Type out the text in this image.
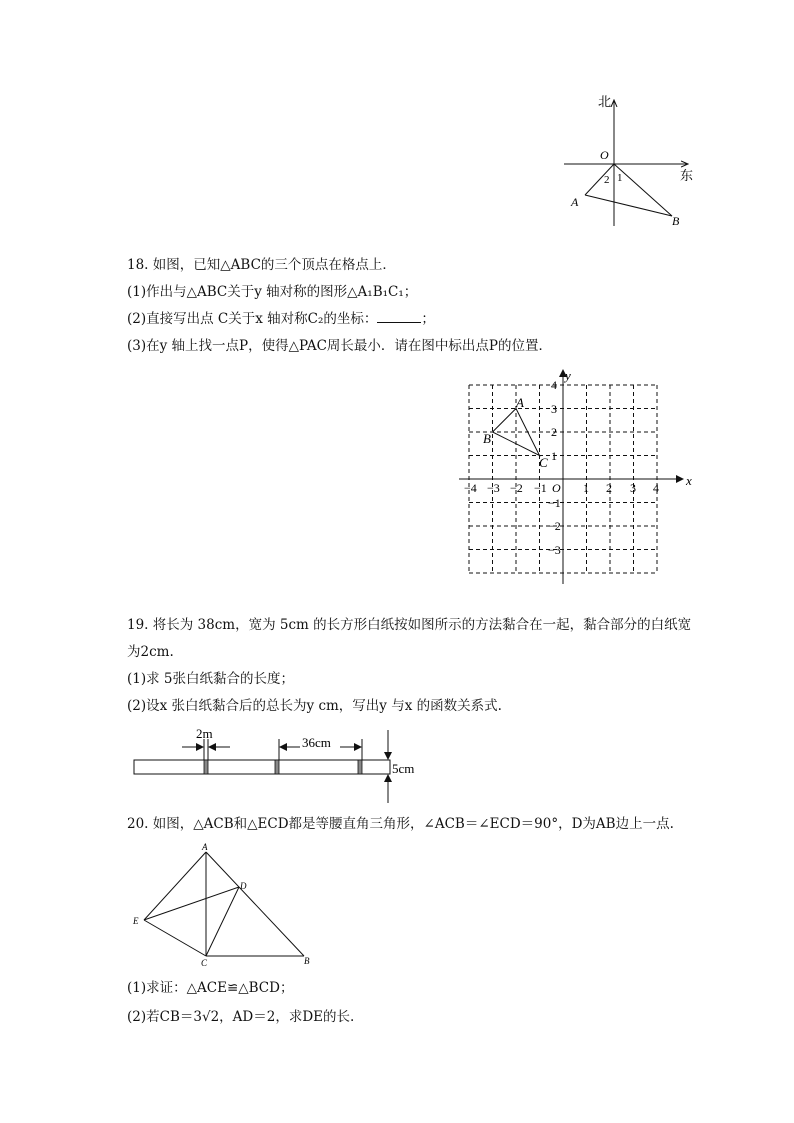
北
东
O
1
2
A
B
18. 如图，已知△ABC的三个顶点在格点上．
(1)作出与△ABC关于y 轴对称的图形△A₁B₁C₁；
(2)直接写出点 C关于x 轴对称C₂的坐标：	；
(3)在y 轴上找一点P，使得△PAC周长最小．请在图中标出点P的位置．
x
y
O
−4 −3 −2 −1	1 2 3 4
4
3
2
1
−1
−2
−3
A
B
C
19. 将长为 38cm，宽为 5cm 的长方形白纸按如图所示的方法黏合在一起，黏合部分的白纸宽为2cm.
(1)求 5张白纸黏合的长度；
(2)设x 张白纸黏合后的总长为y cm，写出y 与x 的函数关系式.
2m
36cm
5cm
20. 如图，△ACB和△ECD都是等腰直角三角形，∠ACB＝∠ECD＝90°，D为AB边上一点.
A
B
C
D
E
(1)求证：△ACE≌△BCD；
(2)若CB＝3√2，AD＝2，求DE的长.
